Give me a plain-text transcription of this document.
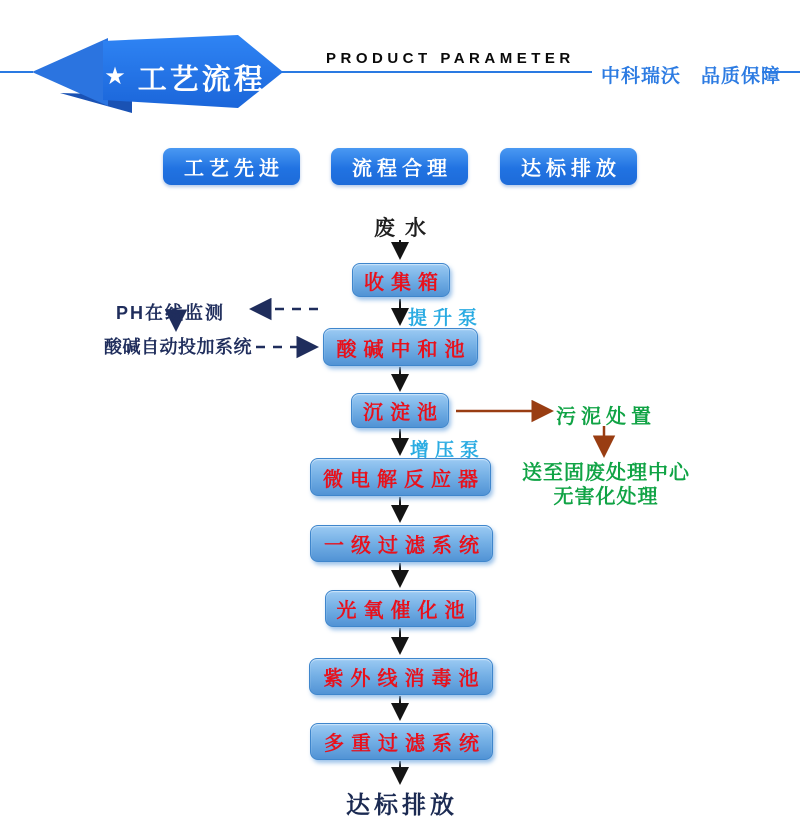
★ 工艺流程
PRODUCT PARAMETER
中科瑞沃　品质保障
工艺先进	流程合理	达标排放
废水
收集箱
酸碱中和池
沉淀池
微电解反应器
一级过滤系统
光氧催化池
紫外线消毒池
多重过滤系统
提升泵
增压泵
PH在线监测
酸碱自动投加系统
污泥处置
送至固废处理中心
无害化处理
达标排放
